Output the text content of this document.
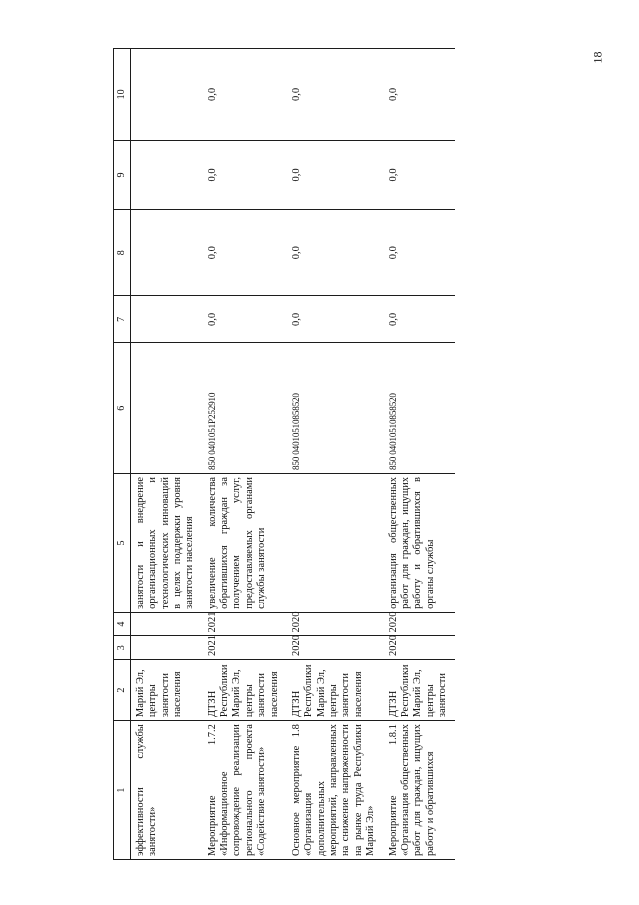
18
1	2	3	4	5	6	7	8	9	10
эффективности службы занятости»	Марий Эл, центры занятости населения			занятости и внедрение организационных и технологических инноваций в целях поддержки уровня занятости населения					
Мероприятие 1.7.2 «Информационное сопровождение реализации регионального проекта «Содействие занятости»	ДТЗН Республики Марий Эл, центры занятости населения	2021	2021	увеличение количества обратившихся граждан за получением услуг, предоставляемых органами службы занятости	850 0401051P252910	0,0	0,0	0,0	0,0
Основное мероприятие 1.8 «Организация дополнительных мероприятий, направленных на снижение напряженности на рынке труда Республики Марий Эл»	ДТЗН Республики Марий Эл, центры занятости населения	2020	2020		850 04010510858520	0,0	0,0	0,0	0,0
Мероприятие 1.8.1 «Организация общественных работ для граждан, ищущих работу и обратившихся	ДТЗН Республики Марий Эл, центры занятости	2020	2020	организация общественных работ для граждан, ищущих работу и обратившихся в органы службы	850 04010510858520	0,0	0,0	0,0	0,0
